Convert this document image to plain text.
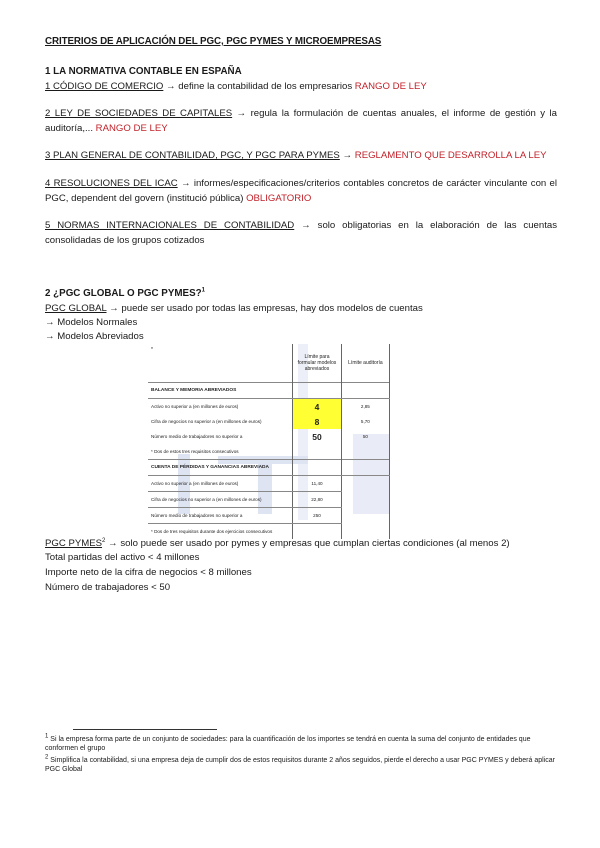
CRITERIOS DE APLICACIÓN DEL PGC, PGC PYMES Y MICROEMPRESAS
1 LA NORMATIVA CONTABLE EN ESPAÑA
1 CÓDIGO DE COMERCIO → define la contabilidad de los empresarios RANGO DE LEY
2 LEY DE SOCIEDADES DE CAPITALES → regula la formulación de cuentas anuales, el informe de gestión y la auditoría,... RANGO DE LEY
3 PLAN GENERAL DE CONTABILIDAD, PGC, Y PGC PARA PYMES → REGLAMENTO QUE DESARROLLA LA LEY
4 RESOLUCIONES DEL ICAC → informes/especificaciones/criterios contables concretos de carácter vinculante con el PGC, dependent del govern (institució pública) OBLIGATORIO
5 NORMAS INTERNACIONALES DE CONTABILIDAD → solo obligatorias en la elaboración de las cuentas consolidadas de los grupos cotizados
2 ¿PGC GLOBAL O PGC PYMES?$^1$
PGC GLOBAL → puede ser usado por todas las empresas, hay dos modelos de cuentas
→ Modelos Normales
→ Modelos Abreviados
*
	Límite para formular modelos abreviados	Límite auditoría
BALANCE Y MEMORIA ABREVIADOS		
Activo no superior a (en millones de euros)	4	2,85
Cifra de negocios no superior a (en millones de euros)	8	5,70
Número medio de trabajadores no superior a	50	50
* Dos de estos tres requisitos consecutivos		
CUENTA DE PÉRDIDAS Y GANANCIAS ABREVIADA		
Activo no superior a (en millones de euros)	11,40	
Cifra de negocios no superior a (en millones de euros)	22,80	
Número medio de trabajadores no superior a	250	
* Dos de tres requisitos durante dos ejercicios consecutivos		
PGC $PYMES^2$ → solo puede ser usado por pymes y empresas que cumplan ciertas condiciones (al menos 2)
Total partidas del activo < 4 millones
Importe neto de la cifra de negocios < 8 millones
Número de trabajadores < 50
$^1$ Si la empresa forma parte de un conjunto de sociedades: para la cuantificación de los importes se tendrá en cuenta la suma del conjunto de entidades que conformen el grupo
$^2$ Simplifica la contabilidad, si una empresa deja de cumplir dos de estos requisitos durante 2 años seguidos, pierde el derecho a usar PGC PYMES y deberá aplicar PGC Global
